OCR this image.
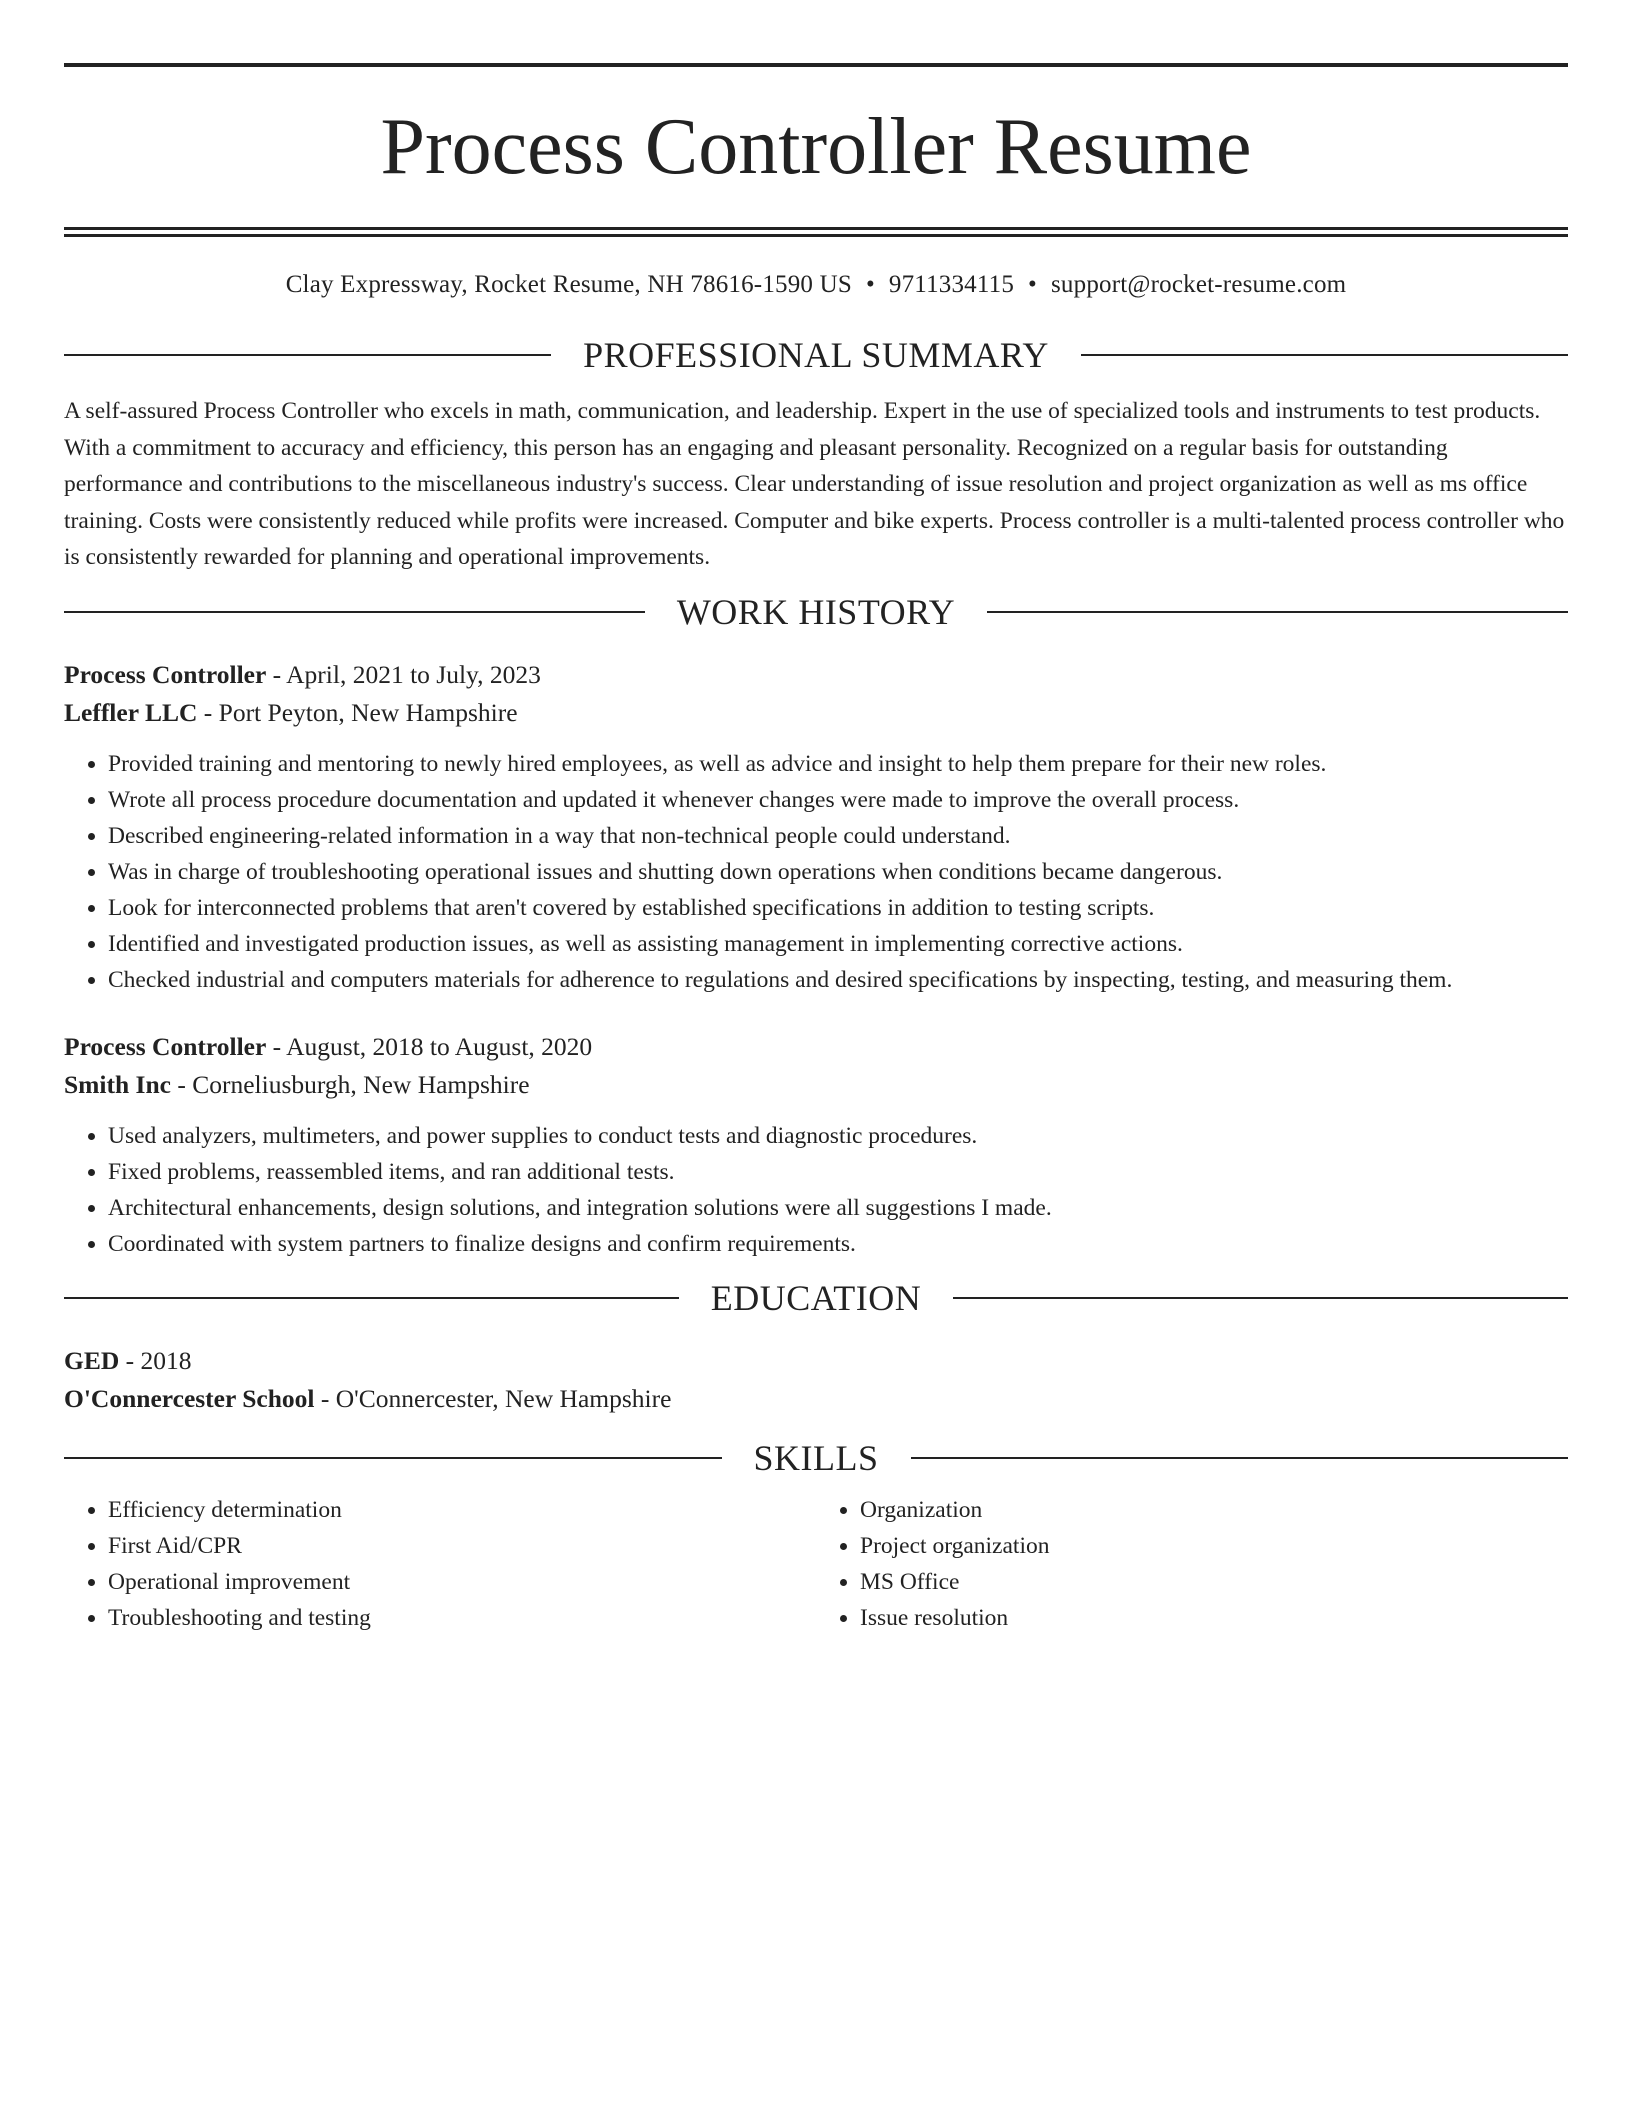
Process Controller Resume
Clay Expressway, Rocket Resume, NH 78616-1590 US • 9711334115 • support@rocket-resume.com
PROFESSIONAL SUMMARY
A self-assured Process Controller who excels in math, communication, and leadership. Expert in the use of specialized tools and instruments to test products. With a commitment to accuracy and efficiency, this person has an engaging and pleasant personality. Recognized on a regular basis for outstanding performance and contributions to the miscellaneous industry's success. Clear understanding of issue resolution and project organization as well as ms office training. Costs were consistently reduced while profits were increased. Computer and bike experts. Process controller is a multi-talented process controller who is consistently rewarded for planning and operational improvements.
WORK HISTORY
Process Controller - April, 2021 to July, 2023
Leffler LLC - Port Peyton, New Hampshire
• Provided training and mentoring to newly hired employees, as well as advice and insight to help them prepare for their new roles.
• Wrote all process procedure documentation and updated it whenever changes were made to improve the overall process.
• Described engineering-related information in a way that non-technical people could understand.
• Was in charge of troubleshooting operational issues and shutting down operations when conditions became dangerous.
• Look for interconnected problems that aren't covered by established specifications in addition to testing scripts.
• Identified and investigated production issues, as well as assisting management in implementing corrective actions.
• Checked industrial and computers materials for adherence to regulations and desired specifications by inspecting, testing, and measuring them.
Process Controller - August, 2018 to August, 2020
Smith Inc - Corneliusburgh, New Hampshire
• Used analyzers, multimeters, and power supplies to conduct tests and diagnostic procedures.
• Fixed problems, reassembled items, and ran additional tests.
• Architectural enhancements, design solutions, and integration solutions were all suggestions I made.
• Coordinated with system partners to finalize designs and confirm requirements.
EDUCATION
GED - 2018
O'Connercester School - O'Connercester, New Hampshire
SKILLS
• Efficiency determination
• First Aid/CPR
• Operational improvement
• Troubleshooting and testing
• Organization
• Project organization
• MS Office
• Issue resolution
